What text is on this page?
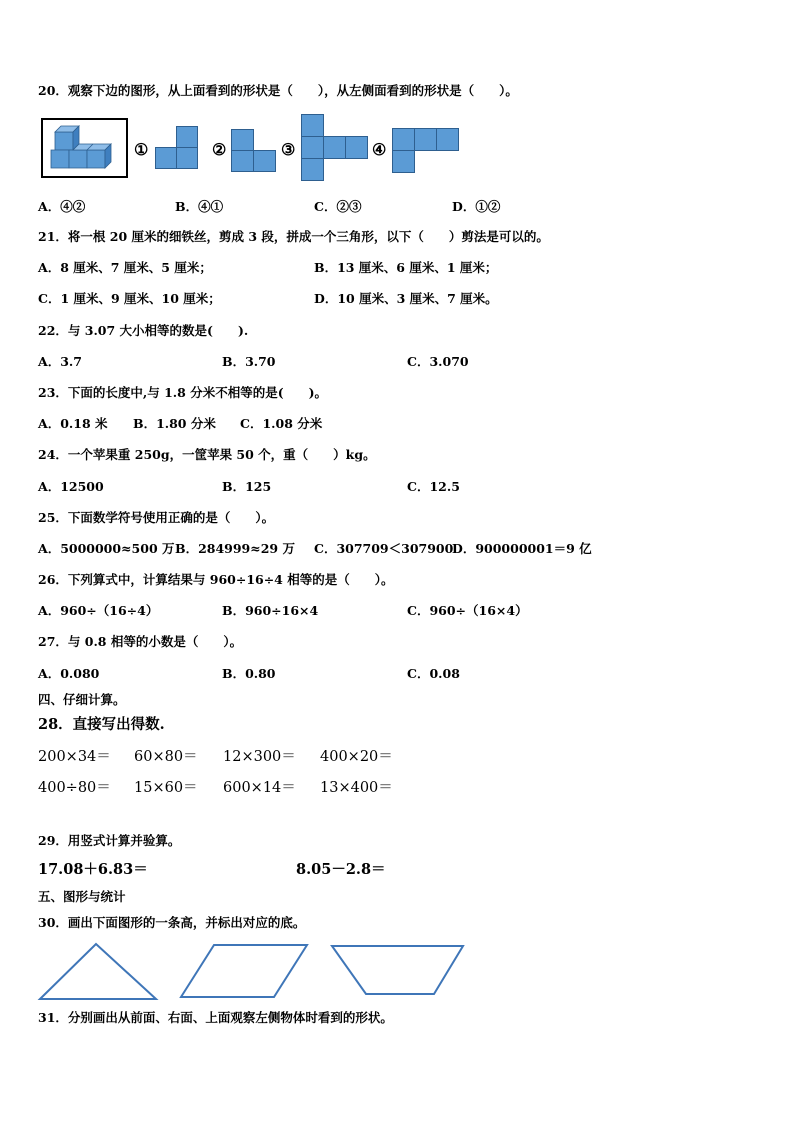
20．观察下边的图形，从上面看到的形状是（　　），从左侧面看到的形状是（　　）。
①	②	③	④
A．④②	B．④①	C．②③	D．①②
21．将一根 20 厘米的细铁丝，剪成 3 段，拼成一个三角形，以下（　　）剪法是可以的。
A．8 厘米、7 厘米、5 厘米；	B．13 厘米、6 厘米、1 厘米；
C．1 厘米、9 厘米、10 厘米；	D．10 厘米、3 厘米、7 厘米。
22．与 3.07 大小相等的数是(　　).
A．3.7	B．3.70	C．3.070
23．下面的长度中,与 1.8 分米不相等的是(　　)。
A．0.18 米 B．1.80 分米 C．1.08 分米
24．一个苹果重 250g，一筐苹果 50 个，重（　　）kg。
A．12500	B．125	C．12.5
25．下面数学符号使用正确的是（　　）。
A．5000000≈500 万 B．284999≈29 万 C．307709＜307900
D．900000001＝9 亿
26．下列算式中，计算结果与 960÷16÷4 相等的是（　　）。
A．960÷（16÷4）	B．960÷16×4	C．960÷（16×4）
27．与 0.8 相等的小数是（　　）。
A．0.080	B．0.80	C．0.08
四、仔细计算。
28．直接写出得数.
200×34＝ 60×80＝ 12×300＝ 400×20＝
400÷80＝ 15×60＝ 600×14＝ 13×400＝
29．用竖式计算并验算。
17.08＋6.83＝	8.05－2.8＝
五、图形与统计
30．画出下面图形的一条高，并标出对应的底。
31．分别画出从前面、右面、上面观察左侧物体时看到的形状。
